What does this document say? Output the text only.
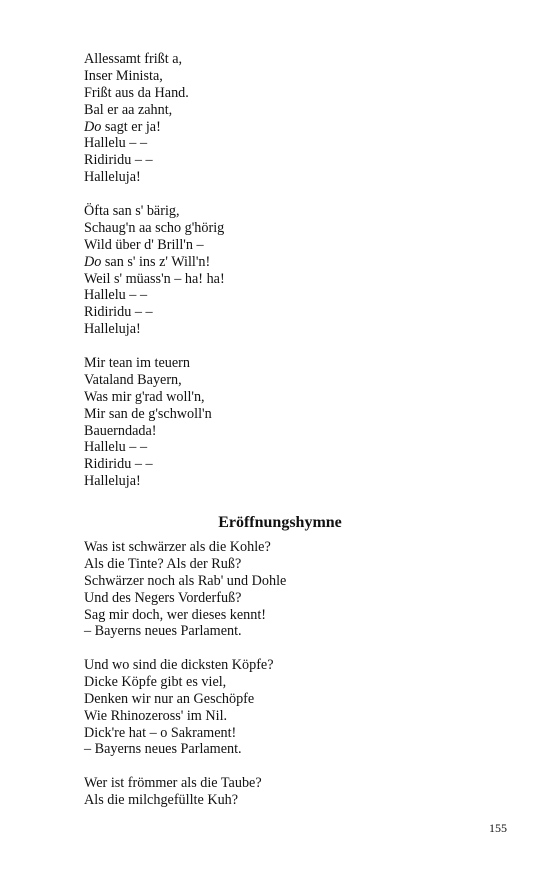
Allessamt frißt a,
Inser Minista,
Frißt aus da Hand.
Bal er aa zahnt,
Do sagt er ja!
Hallelu – –
Ridiridu – –
Halleluja!
Öfta san s' bärig,
Schaug'n aa scho g'hörig
Wild über d' Brill'n –
Do san s' ins z' Will'n!
Weil s' müass'n – ha! ha!
Hallelu – –
Ridiridu – –
Halleluja!
Mir tean im teuern
Vataland Bayern,
Was mir g'rad woll'n,
Mir san de g'schwoll'n
Bauerndada!
Hallelu – –
Ridiridu – –
Halleluja!
Eröffnungshymne
Was ist schwärzer als die Kohle?
Als die Tinte? Als der Ruß?
Schwärzer noch als Rab' und Dohle
Und des Negers Vorderfuß?
Sag mir doch, wer dieses kennt!
– Bayerns neues Parlament.
Und wo sind die dicksten Köpfe?
Dicke Köpfe gibt es viel,
Denken wir nur an Geschöpfe
Wie Rhinozeross' im Nil.
Dick're hat – o Sakrament!
– Bayerns neues Parlament.
Wer ist frömmer als die Taube?
Als die milchgefüllte Kuh?
155
